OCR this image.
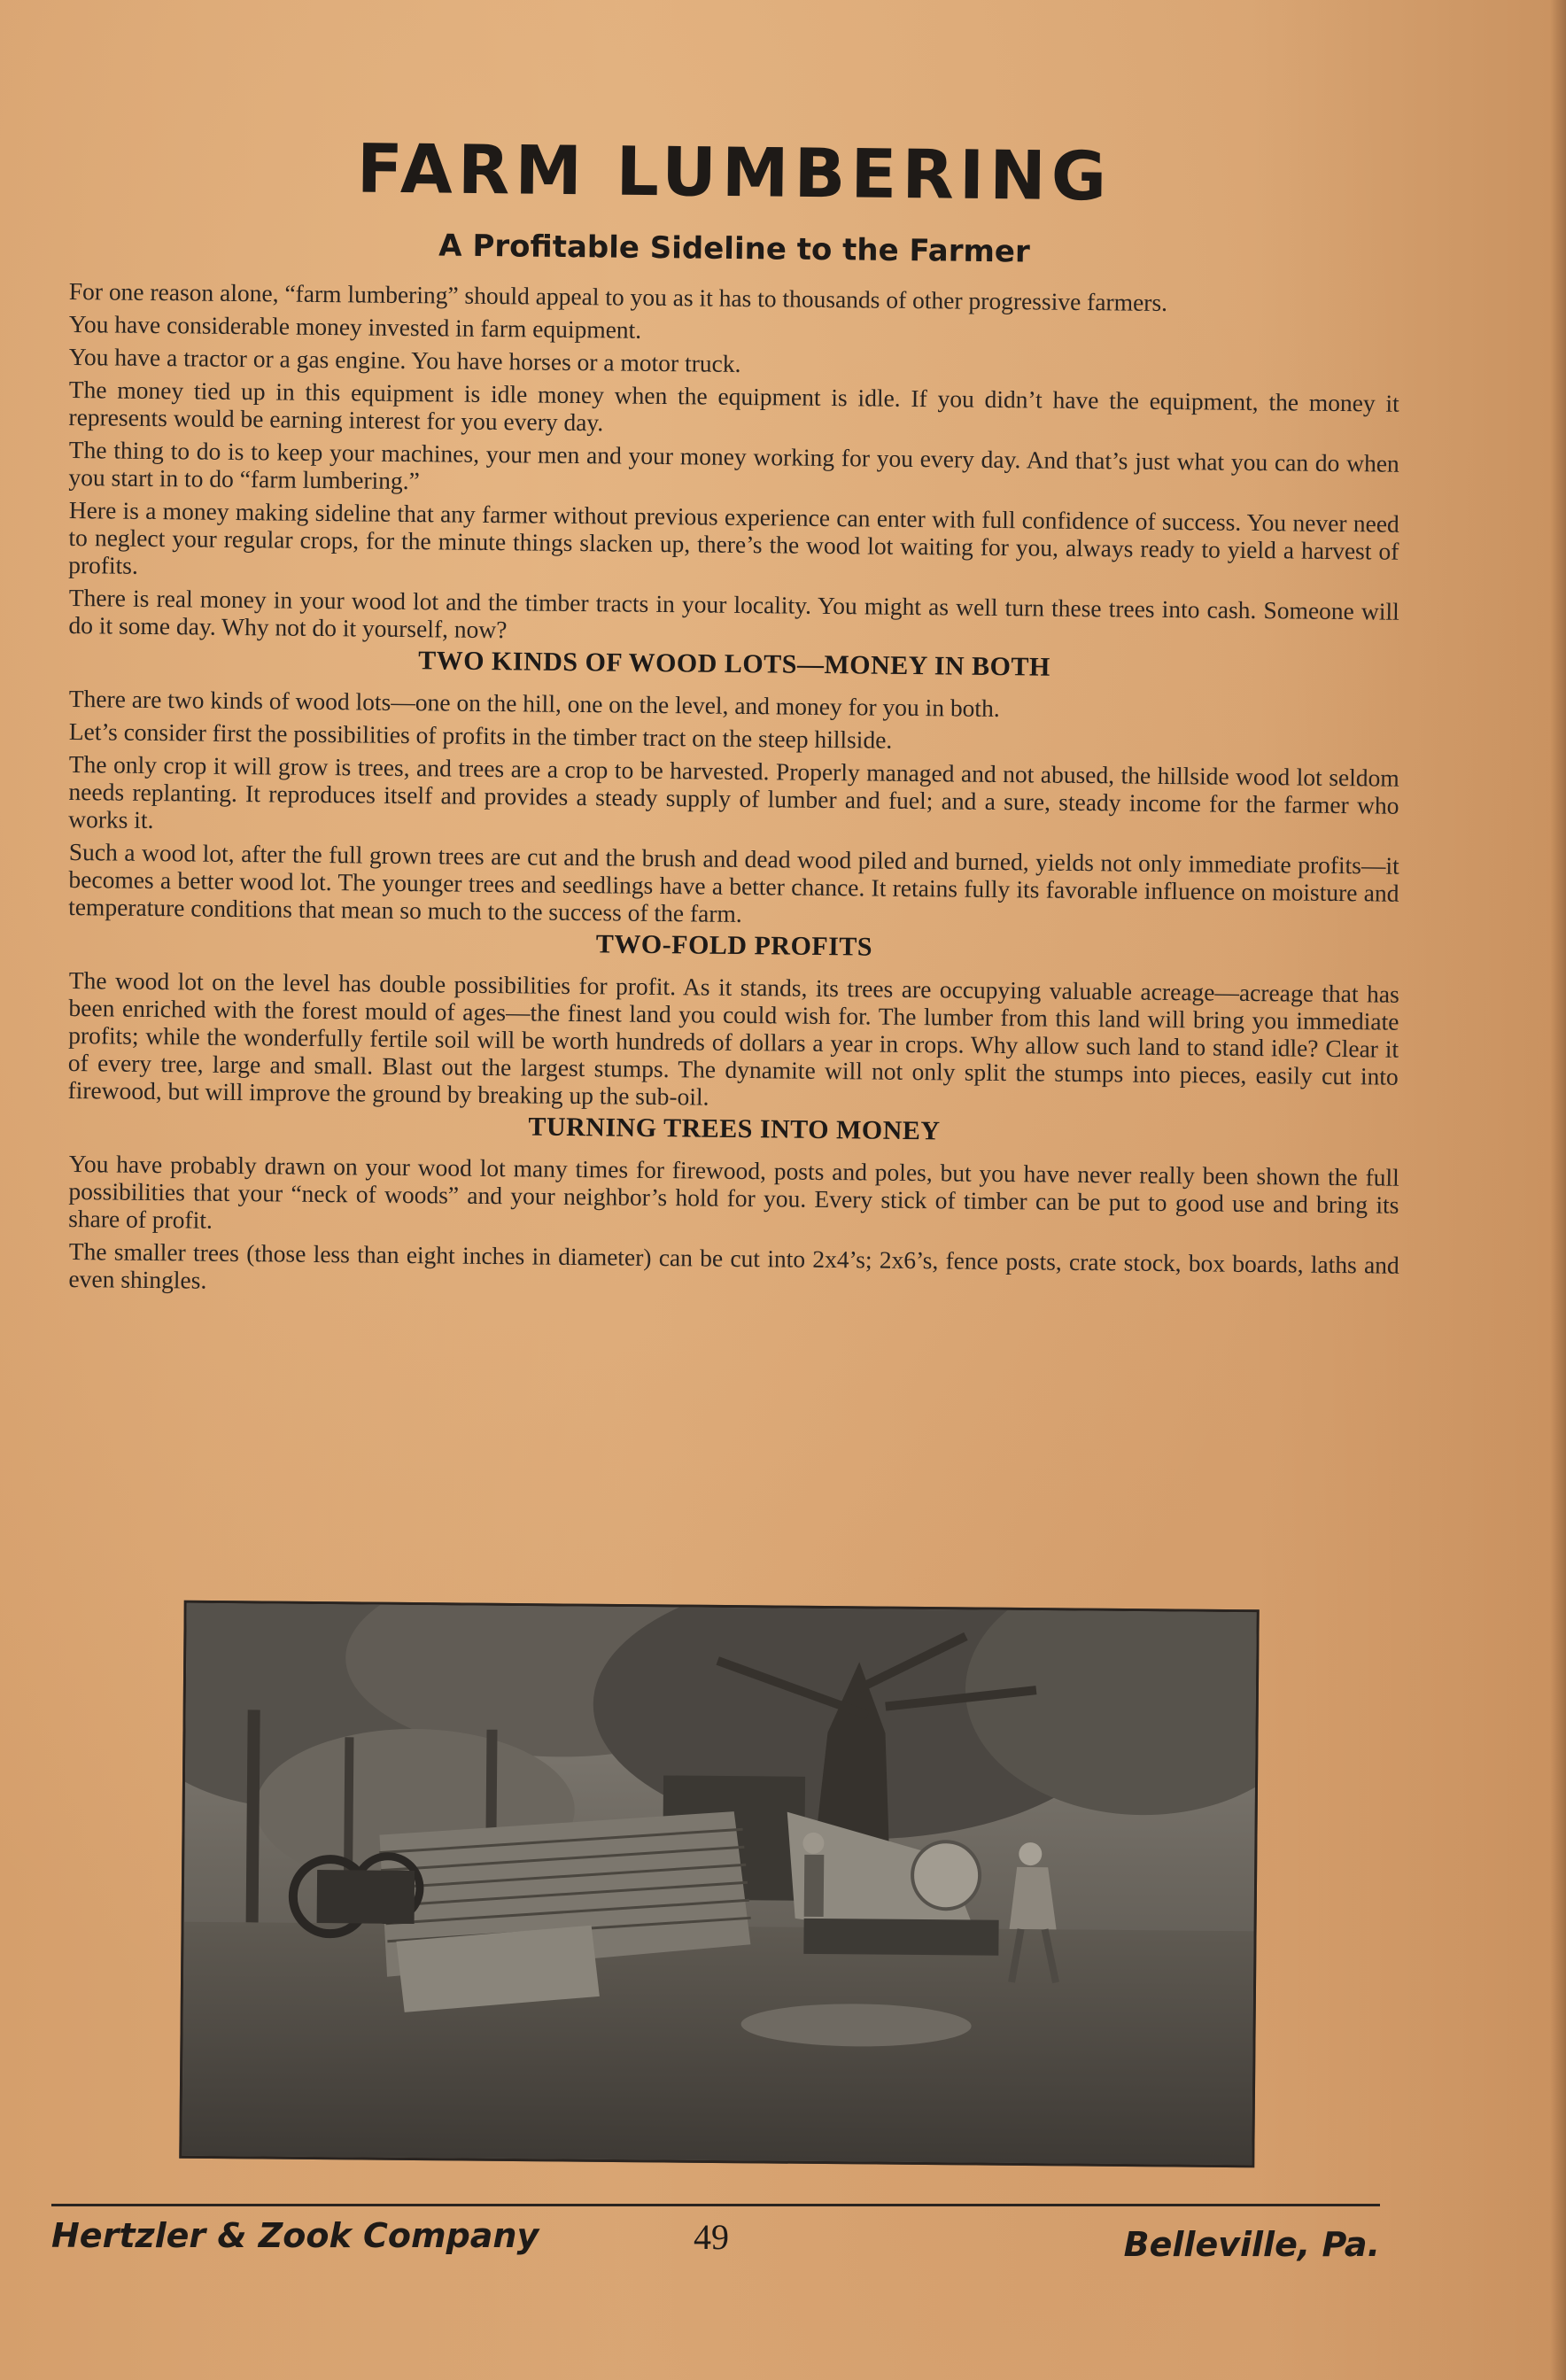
FARM LUMBERING
A Profitable Sideline to the Farmer

For one reason alone, “farm lumbering” should appeal to you as it has to thousands of other progressive farmers.

You have considerable money invested in farm equipment.

You have a tractor or a gas engine. You have horses or a motor truck.

The money tied up in this equipment is idle money when the equipment is idle. If you didn’t have the equipment, the money it represents would be earning interest for you every day.

The thing to do is to keep your machines, your men and your money working for you every day. And that’s just what you can do when you start in to do “farm lumbering.”

Here is a money making sideline that any farmer without previous experience can enter with full confidence of success. You never need to neglect your regular crops, for the minute things slacken up, there’s the wood lot waiting for you, always ready to yield a harvest of profits.

There is real money in your wood lot and the timber tracts in your locality. You might as well turn these trees into cash. Someone will do it some day. Why not do it yourself, now?

TWO KINDS OF WOOD LOTS—MONEY IN BOTH

There are two kinds of wood lots—one on the hill, one on the level, and money for you in both.

Let’s consider first the possibilities of profits in the timber tract on the steep hillside.

The only crop it will grow is trees, and trees are a crop to be harvested. Properly managed and not abused, the hillside wood lot seldom needs replanting. It reproduces itself and provides a steady supply of lumber and fuel; and a sure, steady income for the farmer who works it.

Such a wood lot, after the full grown trees are cut and the brush and dead wood piled and burned, yields not only immediate profits—it becomes a better wood lot. The younger trees and seedlings have a better chance. It retains fully its favorable influence on moisture and temperature conditions that mean so much to the success of the farm.

TWO-FOLD PROFITS

The wood lot on the level has double possibilities for profit. As it stands, its trees are occupying valuable acreage—acreage that has been enriched with the forest mould of ages—the finest land you could wish for. The lumber from this land will bring you immediate profits; while the wonderfully fertile soil will be worth hundreds of dollars a year in crops. Why allow such land to stand idle? Clear it of every tree, large and small. Blast out the largest stumps. The dynamite will not only split the stumps into pieces, easily cut into firewood, but will improve the ground by breaking up the sub-oil.

TURNING TREES INTO MONEY

You have probably drawn on your wood lot many times for firewood, posts and poles, but you have never really been shown the full possibilities that your “neck of woods” and your neighbor’s hold for you. Every stick of timber can be put to good use and bring its share of profit.

The smaller trees (those less than eight inches in diameter) can be cut into 2x4’s; 2x6’s, fence posts, crate stock, box boards, laths and even shingles.

Hertzler & Zook Company	49	Belleville, Pa.
